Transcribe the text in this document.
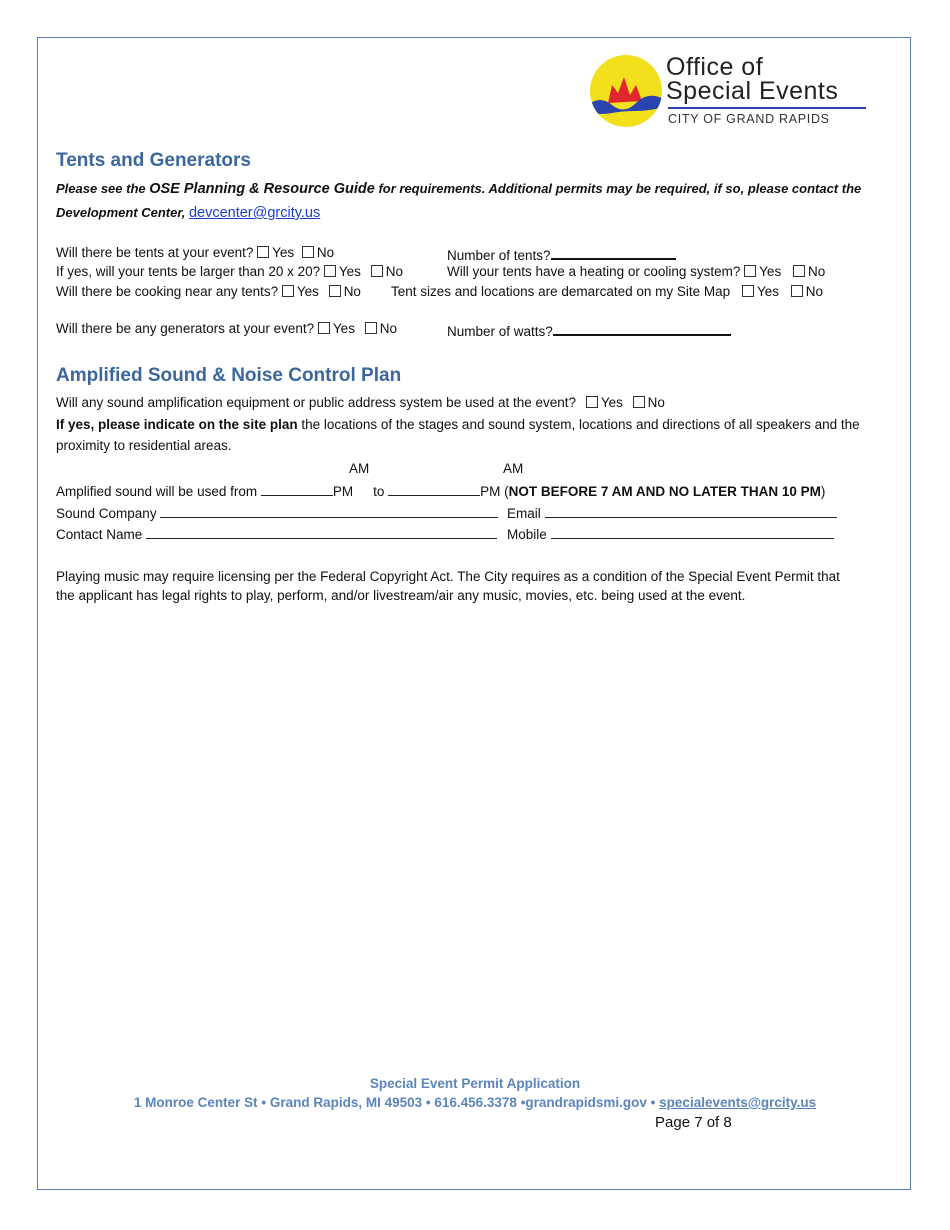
Office of
Special Events
CITY OF GRAND RAPIDS
Tents and Generators
Please see the OSE Planning & Resource Guide for requirements. Additional permits may be required, if so, please contact the
Development Center, devcenter@grcity.us
Will there be tents at your event? Yes No	Number of tents?
If yes, will your tents be larger than 20 x 20? Yes No	Will your tents have a heating or cooling system? Yes No
Will there be cooking near any tents? Yes No Tent sizes and locations are demarcated on my Site Map Yes No
Will there be any generators at your event? Yes No	Number of watts?
Amplified Sound & Noise Control Plan
Will any sound amplification equipment or public address system be used at the event? Yes No
If yes, please indicate on the site plan the locations of the stages and sound system, locations and directions of all speakers and the
proximity to residential areas.
AM	AM
Amplified sound will be used from	PM to	PM (NOT BEFORE 7 AM AND NO LATER THAN 10 PM)
Sound Company	Email
Contact Name	Mobile
Playing music may require licensing per the Federal Copyright Act. The City requires as a condition of the Special Event Permit that
the applicant has legal rights to play, perform, and/or livestream/air any music, movies, etc. being used at the event.
Special Event Permit Application
1 Monroe Center St • Grand Rapids, MI 49503 • 616.456.3378 •grandrapidsmi.gov • specialevents@grcity.us
Page 7 of 8
